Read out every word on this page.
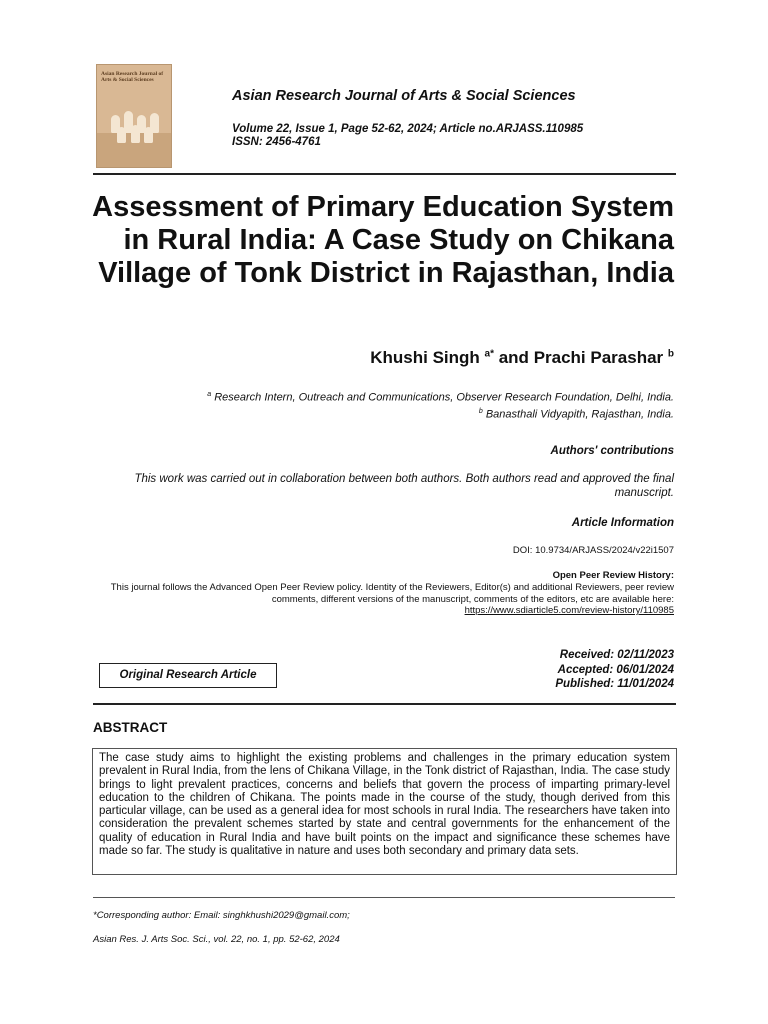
Asian Research Journal of Arts & Social Sciences
Asian Research Journal of Arts & Social Sciences
Volume 22, Issue 1, Page 52-62, 2024; Article no.ARJASS.110985
ISSN: 2456-4761
Assessment of Primary Education System in Rural India: A Case Study on Chikana Village of Tonk District in Rajasthan, India
Khushi Singh $^{a*}$ and Prachi Parashar $^b$
$^a$ Research Intern, Outreach and Communications, Observer Research Foundation, Delhi, India.
$^b$ Banasthali Vidyapith, Rajasthan, India.
Authors' contributions
This work was carried out in collaboration between both authors. Both authors read and approved the final manuscript.
Article Information
DOI: 10.9734/ARJASS/2024/v22i1507
Open Peer Review History:
This journal follows the Advanced Open Peer Review policy. Identity of the Reviewers, Editor(s) and additional Reviewers, peer review comments, different versions of the manuscript, comments of the editors, etc are available here:
https://www.sdiarticle5.com/review-history/110985
Original Research Article
Received: 02/11/2023
Accepted: 06/01/2024
Published: 11/01/2024
ABSTRACT
The case study aims to highlight the existing problems and challenges in the primary education system prevalent in Rural India, from the lens of Chikana Village, in the Tonk district of Rajasthan, India. The case study brings to light prevalent practices, concerns and beliefs that govern the process of imparting primary-level education to the children of Chikana. The points made in the course of the study, though derived from this particular village, can be used as a general idea for most schools in rural India. The researchers have taken into consideration the prevalent schemes started by state and central governments for the enhancement of the quality of education in Rural India and have built points on the impact and significance these schemes have made so far. The study is qualitative in nature and uses both secondary and primary data sets.
*Corresponding author: Email: singhkhushi2029@gmail.com;
Asian Res. J. Arts Soc. Sci., vol. 22, no. 1, pp. 52-62, 2024
